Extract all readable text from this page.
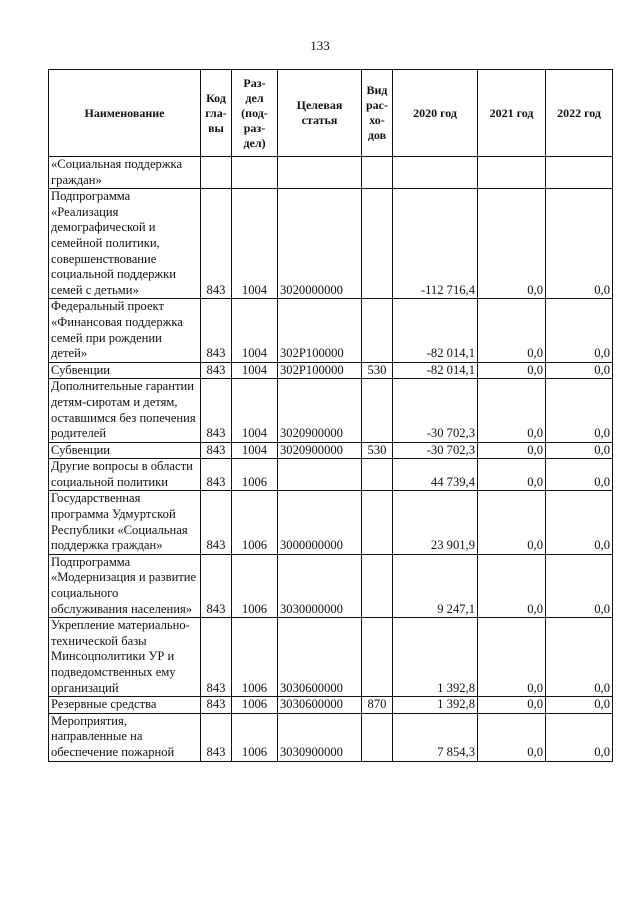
133
Наименование	Код гла- вы	Раз- дел (под- раз- дел)	Целевая статья	Вид рас- хо- дов	2020 год	2021 год	2022 год
«Социальная поддержка граждан»							
Подпрограмма «Реализация демографической и семейной политики, совершенствование социальной поддержки семей с детьми»	843	1004	3020000000		-112 716,4	0,0	0,0
Федеральный проект «Финансовая поддержка семей при рождении детей»	843	1004	302P100000		-82 014,1	0,0	0,0
Субвенции	843	1004	302P100000	530	-82 014,1	0,0	0,0
Дополнительные гарантии детям-сиротам и детям, оставшимся без попечения родителей	843	1004	3020900000		-30 702,3	0,0	0,0
Субвенции	843	1004	3020900000	530	-30 702,3	0,0	0,0
Другие вопросы в области социальной политики	843	1006			44 739,4	0,0	0,0
Государственная программа Удмуртской Республики «Социальная поддержка граждан»	843	1006	3000000000		23 901,9	0,0	0,0
Подпрограмма «Модернизация и развитие социального обслуживания населения»	843	1006	3030000000		9 247,1	0,0	0,0
Укрепление материально-технической базы Минсоцполитики УР и подведомственных ему организаций	843	1006	3030600000		1 392,8	0,0	0,0
Резервные средства	843	1006	3030600000	870	1 392,8	0,0	0,0
Мероприятия, направленные на обеспечение пожарной	843	1006	3030900000		7 854,3	0,0	0,0
